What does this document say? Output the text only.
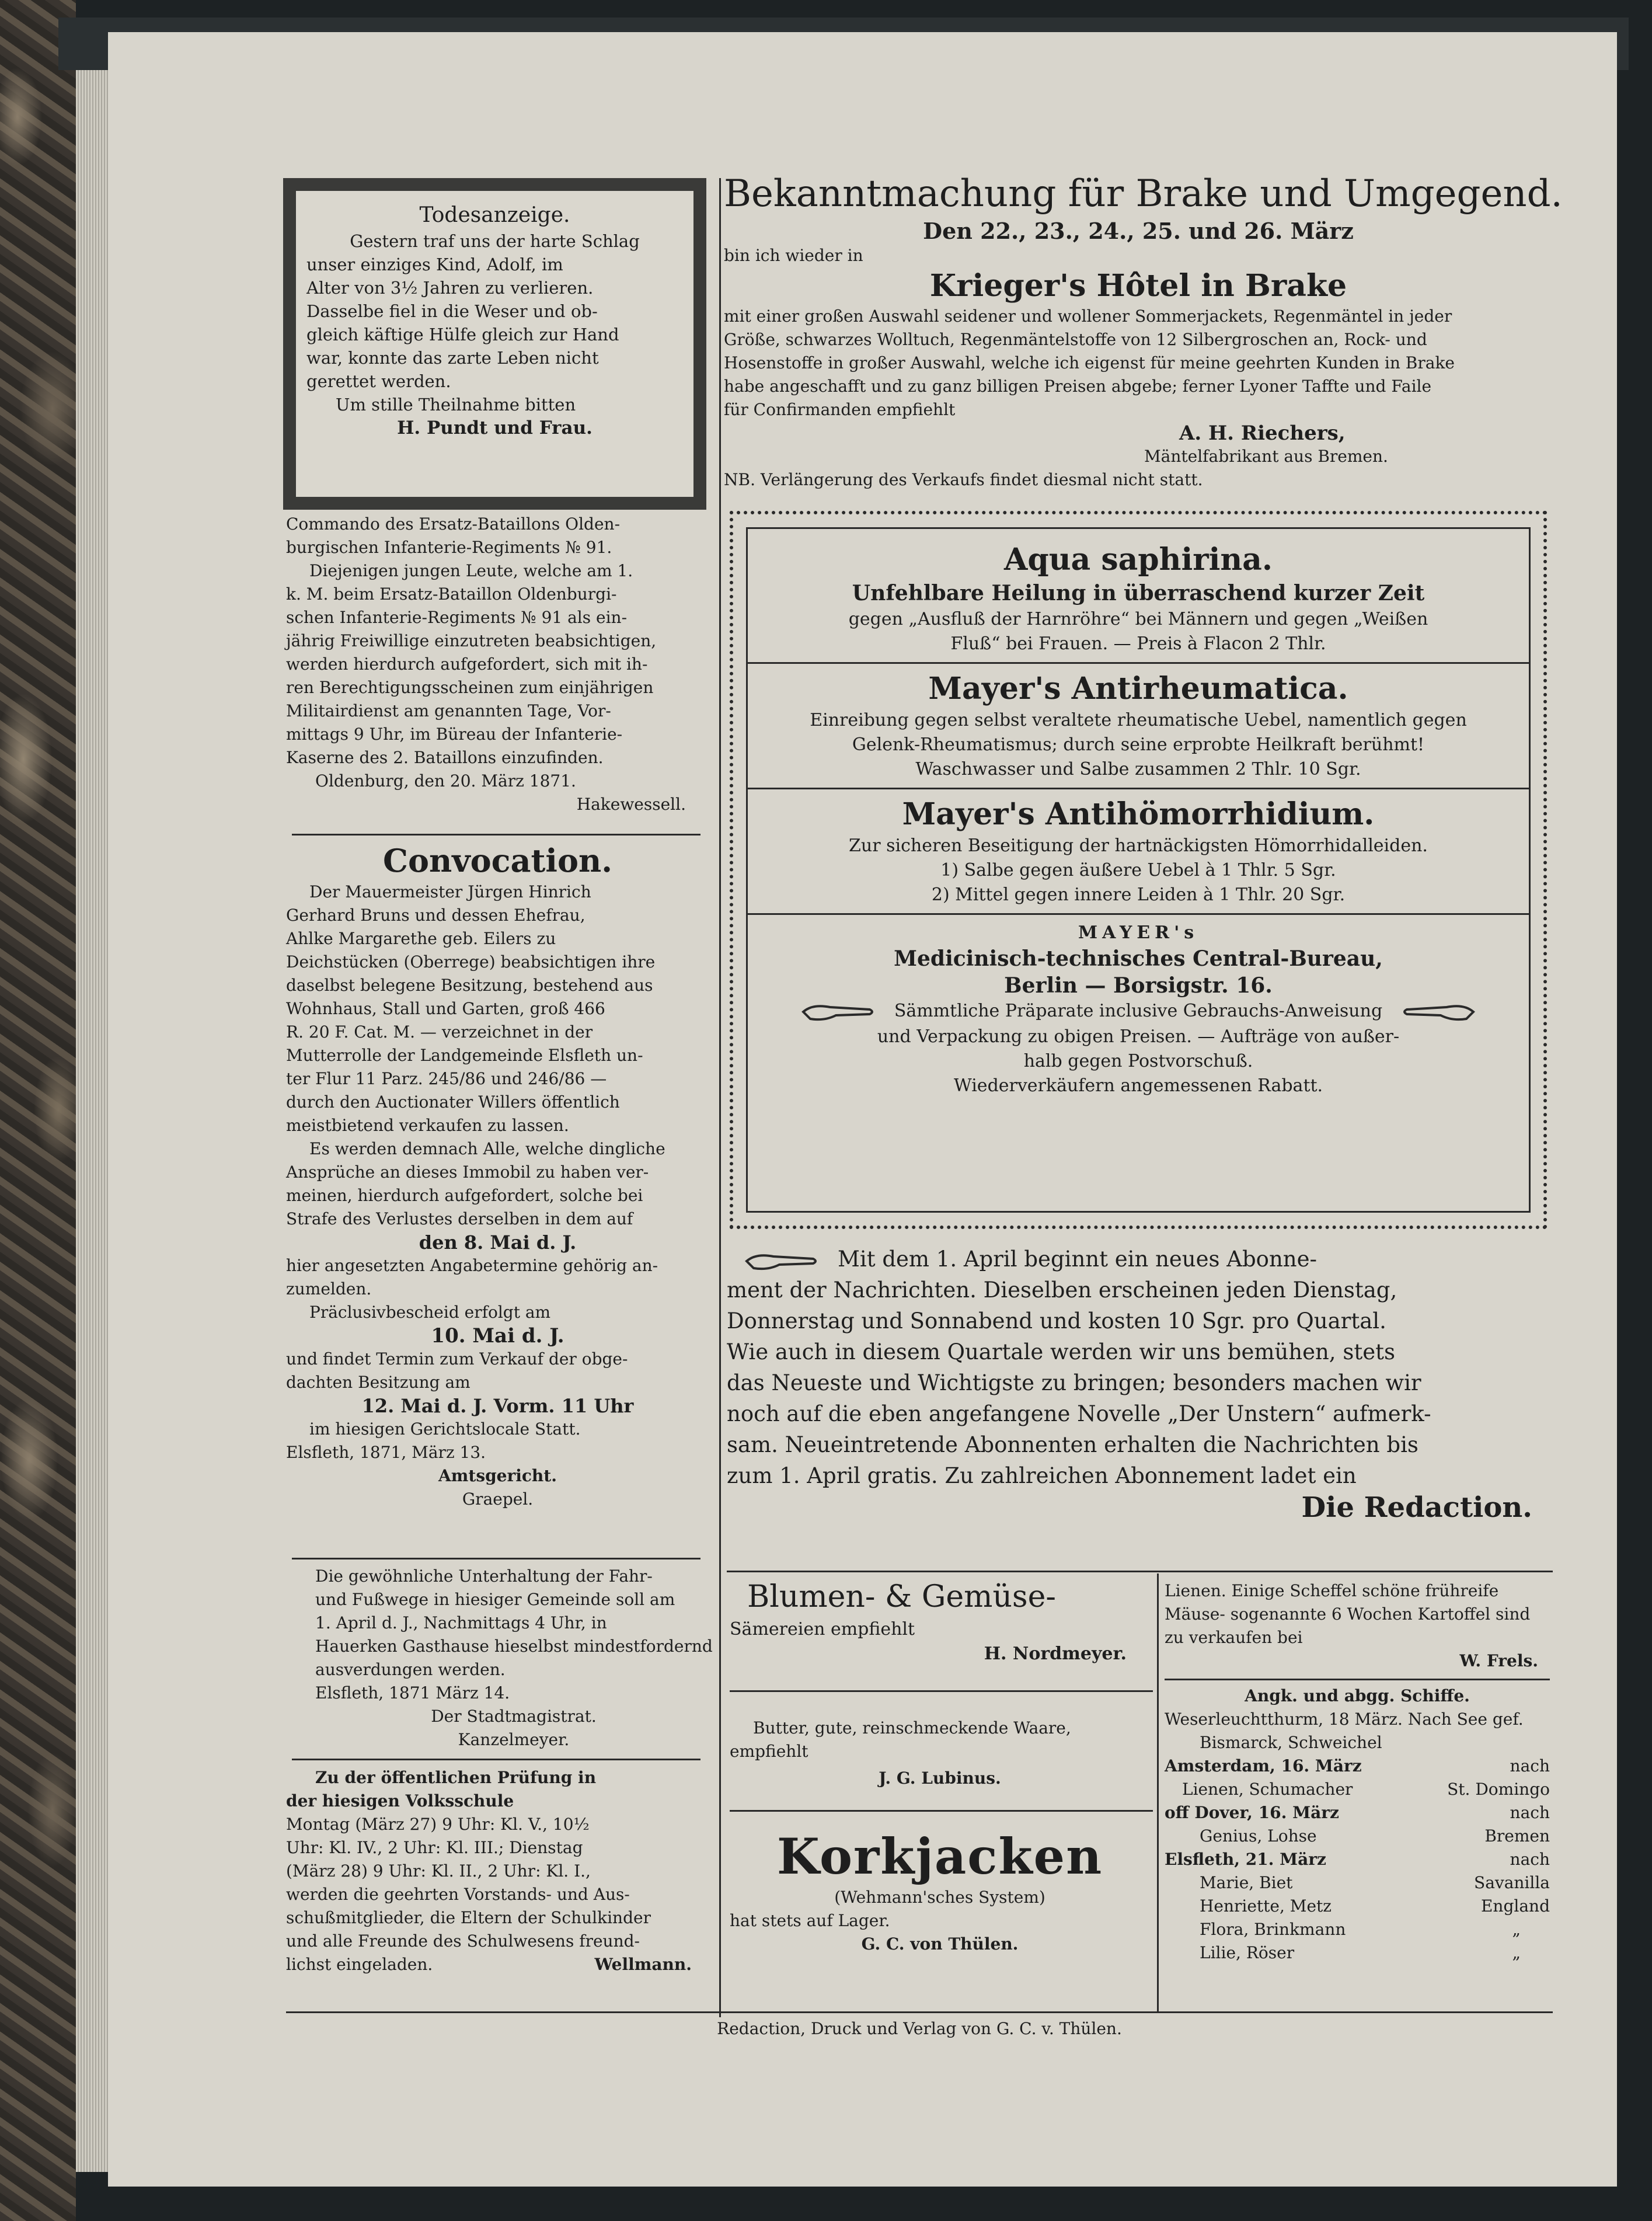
Todesanzeige.

Gestern traf uns der harte Schlag

unser einziges Kind, Adolf, im

Alter von 3½ Jahren zu verlieren.

Dasselbe fiel in die Weser und ob-

gleich käftige Hülfe gleich zur Hand

war, konnte das zarte Leben nicht

gerettet werden.

Um stille Theilnahme bitten

H. Pundt und Frau.

Commando des Ersatz-Bataillons Olden-

burgischen Infanterie-Regiments № 91.

Diejenigen jungen Leute, welche am 1.

k. M. beim Ersatz-Bataillon Oldenburgi-

schen Infanterie-Regiments № 91 als ein-

jährig Freiwillige einzutreten beabsichtigen,

werden hierdurch aufgefordert, sich mit ih-

ren Berechtigungsscheinen zum einjährigen

Militairdienst am genannten Tage, Vor-

mittags 9 Uhr, im Büreau der Infanterie-

Kaserne des 2. Bataillons einzufinden.

Oldenburg, den 20. März 1871.

Hakewessell.

Convocation.

Der Mauermeister Jürgen Hinrich

Gerhard Bruns und dessen Ehefrau,

Ahlke Margarethe geb. Eilers zu

Deichstücken (Oberrege) beabsichtigen ihre

daselbst belegene Besitzung, bestehend aus

Wohnhaus, Stall und Garten, groß 466

R. 20 F. Cat. M. — verzeichnet in der

Mutterrolle der Landgemeinde Elsfleth un-

ter Flur 11 Parz. 245/86 und 246/86 —

durch den Auctionater Willers öffentlich

meistbietend verkaufen zu lassen.

Es werden demnach Alle, welche dingliche

Ansprüche an dieses Immobil zu haben ver-

meinen, hierdurch aufgefordert, solche bei

Strafe des Verlustes derselben in dem auf

den 8. Mai d. J.

hier angesetzten Angabetermine gehörig an-

zumelden.

Präclusivbescheid erfolgt am

10. Mai d. J.

und findet Termin zum Verkauf der obge-

dachten Besitzung am

12. Mai d. J. Vorm. 11 Uhr

im hiesigen Gerichtslocale Statt.

Elsfleth, 1871, März 13.

Amtsgericht.

Graepel.

Die gewöhnliche Unterhaltung der Fahr-

und Fußwege in hiesiger Gemeinde soll am

1. April d. J., Nachmittags 4 Uhr, in

Hauerken Gasthause hieselbst mindestfordernd

ausverdungen werden.

Elsfleth, 1871 März 14.

Der Stadtmagistrat.

Kanzelmeyer.

Zu der öffentlichen Prüfung in

der hiesigen Volksschule

Montag (März 27) 9 Uhr: Kl. V., 10½

Uhr: Kl. IV., 2 Uhr: Kl. III.; Dienstag

(März 28) 9 Uhr: Kl. II., 2 Uhr: Kl. I.,

werden die geehrten Vorstands- und Aus-

schußmitglieder, die Eltern der Schulkinder

und alle Freunde des Schulwesens freund-

lichst eingeladen.	Wellmann.

Bekanntmachung für Brake und Umgegend.

Den 22., 23., 24., 25. und 26. März

bin ich wieder in

Krieger's Hôtel in Brake

mit einer großen Auswahl seidener und wollener Sommerjackets, Regenmäntel in jeder

Größe, schwarzes Wolltuch, Regenmäntelstoffe von 12 Silbergroschen an, Rock- und

Hosenstoffe in großer Auswahl, welche ich eigenst für meine geehrten Kunden in Brake

habe angeschafft und zu ganz billigen Preisen abgebe; ferner Lyoner Taffte und Faile

für Confirmanden empfiehlt

A. H. Riechers,

Mäntelfabrikant aus Bremen.

NB. Verlängerung des Verkaufs findet diesmal nicht statt.

Aqua saphirina.

Unfehlbare Heilung in überraschend kurzer Zeit

gegen „Ausfluß der Harnröhre“ bei Männern und gegen „Weißen

Fluß“ bei Frauen. — Preis à Flacon 2 Thlr.

Mayer's Antirheumatica.

Einreibung gegen selbst veraltete rheumatische Uebel, namentlich gegen

Gelenk-Rheumatismus; durch seine erprobte Heilkraft berühmt!

Waschwasser und Salbe zusammen 2 Thlr. 10 Sgr.

Mayer's Antihömorrhidium.

Zur sicheren Beseitigung der hartnäckigsten Hömorrhidalleiden.

1) Salbe gegen äußere Uebel à 1 Thlr. 5 Sgr.

2) Mittel gegen innere Leiden à 1 Thlr. 20 Sgr.

MAYER's

Medicinisch-technisches Central-Bureau,

Berlin — Borsigstr. 16.

Sämmtliche Präparate inclusive Gebrauchs-Anweisung

und Verpackung zu obigen Preisen. — Aufträge von außer-

halb gegen Postvorschuß.

Wiederverkäufern angemessenen Rabatt.

Mit dem 1. April beginnt ein neues Abonne-

ment der Nachrichten. Dieselben erscheinen jeden Dienstag,

Donnerstag und Sonnabend und kosten 10 Sgr. pro Quartal.

Wie auch in diesem Quartale werden wir uns bemühen, stets

das Neueste und Wichtigste zu bringen; besonders machen wir

noch auf die eben angefangene Novelle „Der Unstern“ aufmerk-

sam. Neueintretende Abonnenten erhalten die Nachrichten bis

zum 1. April gratis. Zu zahlreichen Abonnement ladet ein

Die Redaction.

Blumen- & Gemüse-

Sämereien empfiehlt

H. Nordmeyer.

Butter, gute, reinschmeckende Waare,

empfiehlt

J. G. Lubinus.

Korkjacken

(Wehmann'sches System)

hat stets auf Lager.

G. C. von Thülen.

Lienen. Einige Scheffel schöne frühreife

Mäuse- sogenannte 6 Wochen Kartoffel sind

zu verkaufen bei

W. Frels.

Angk. und abgg. Schiffe.

Weserleuchtthurm, 18 März. Nach See gef.
Bismarck, Schweichel
Amsterdam, 16. März	nach
Lienen, Schumacher	St. Domingo
off Dover, 16. März	nach
Genius, Lohse	Bremen
Elsfleth, 21. März	nach
Marie, Biet	Savanilla
Henriette, Metz	England
Flora, Brinkmann	„
Lilie, Röser	„
Redaction, Druck und Verlag von G. C. v. Thülen.
